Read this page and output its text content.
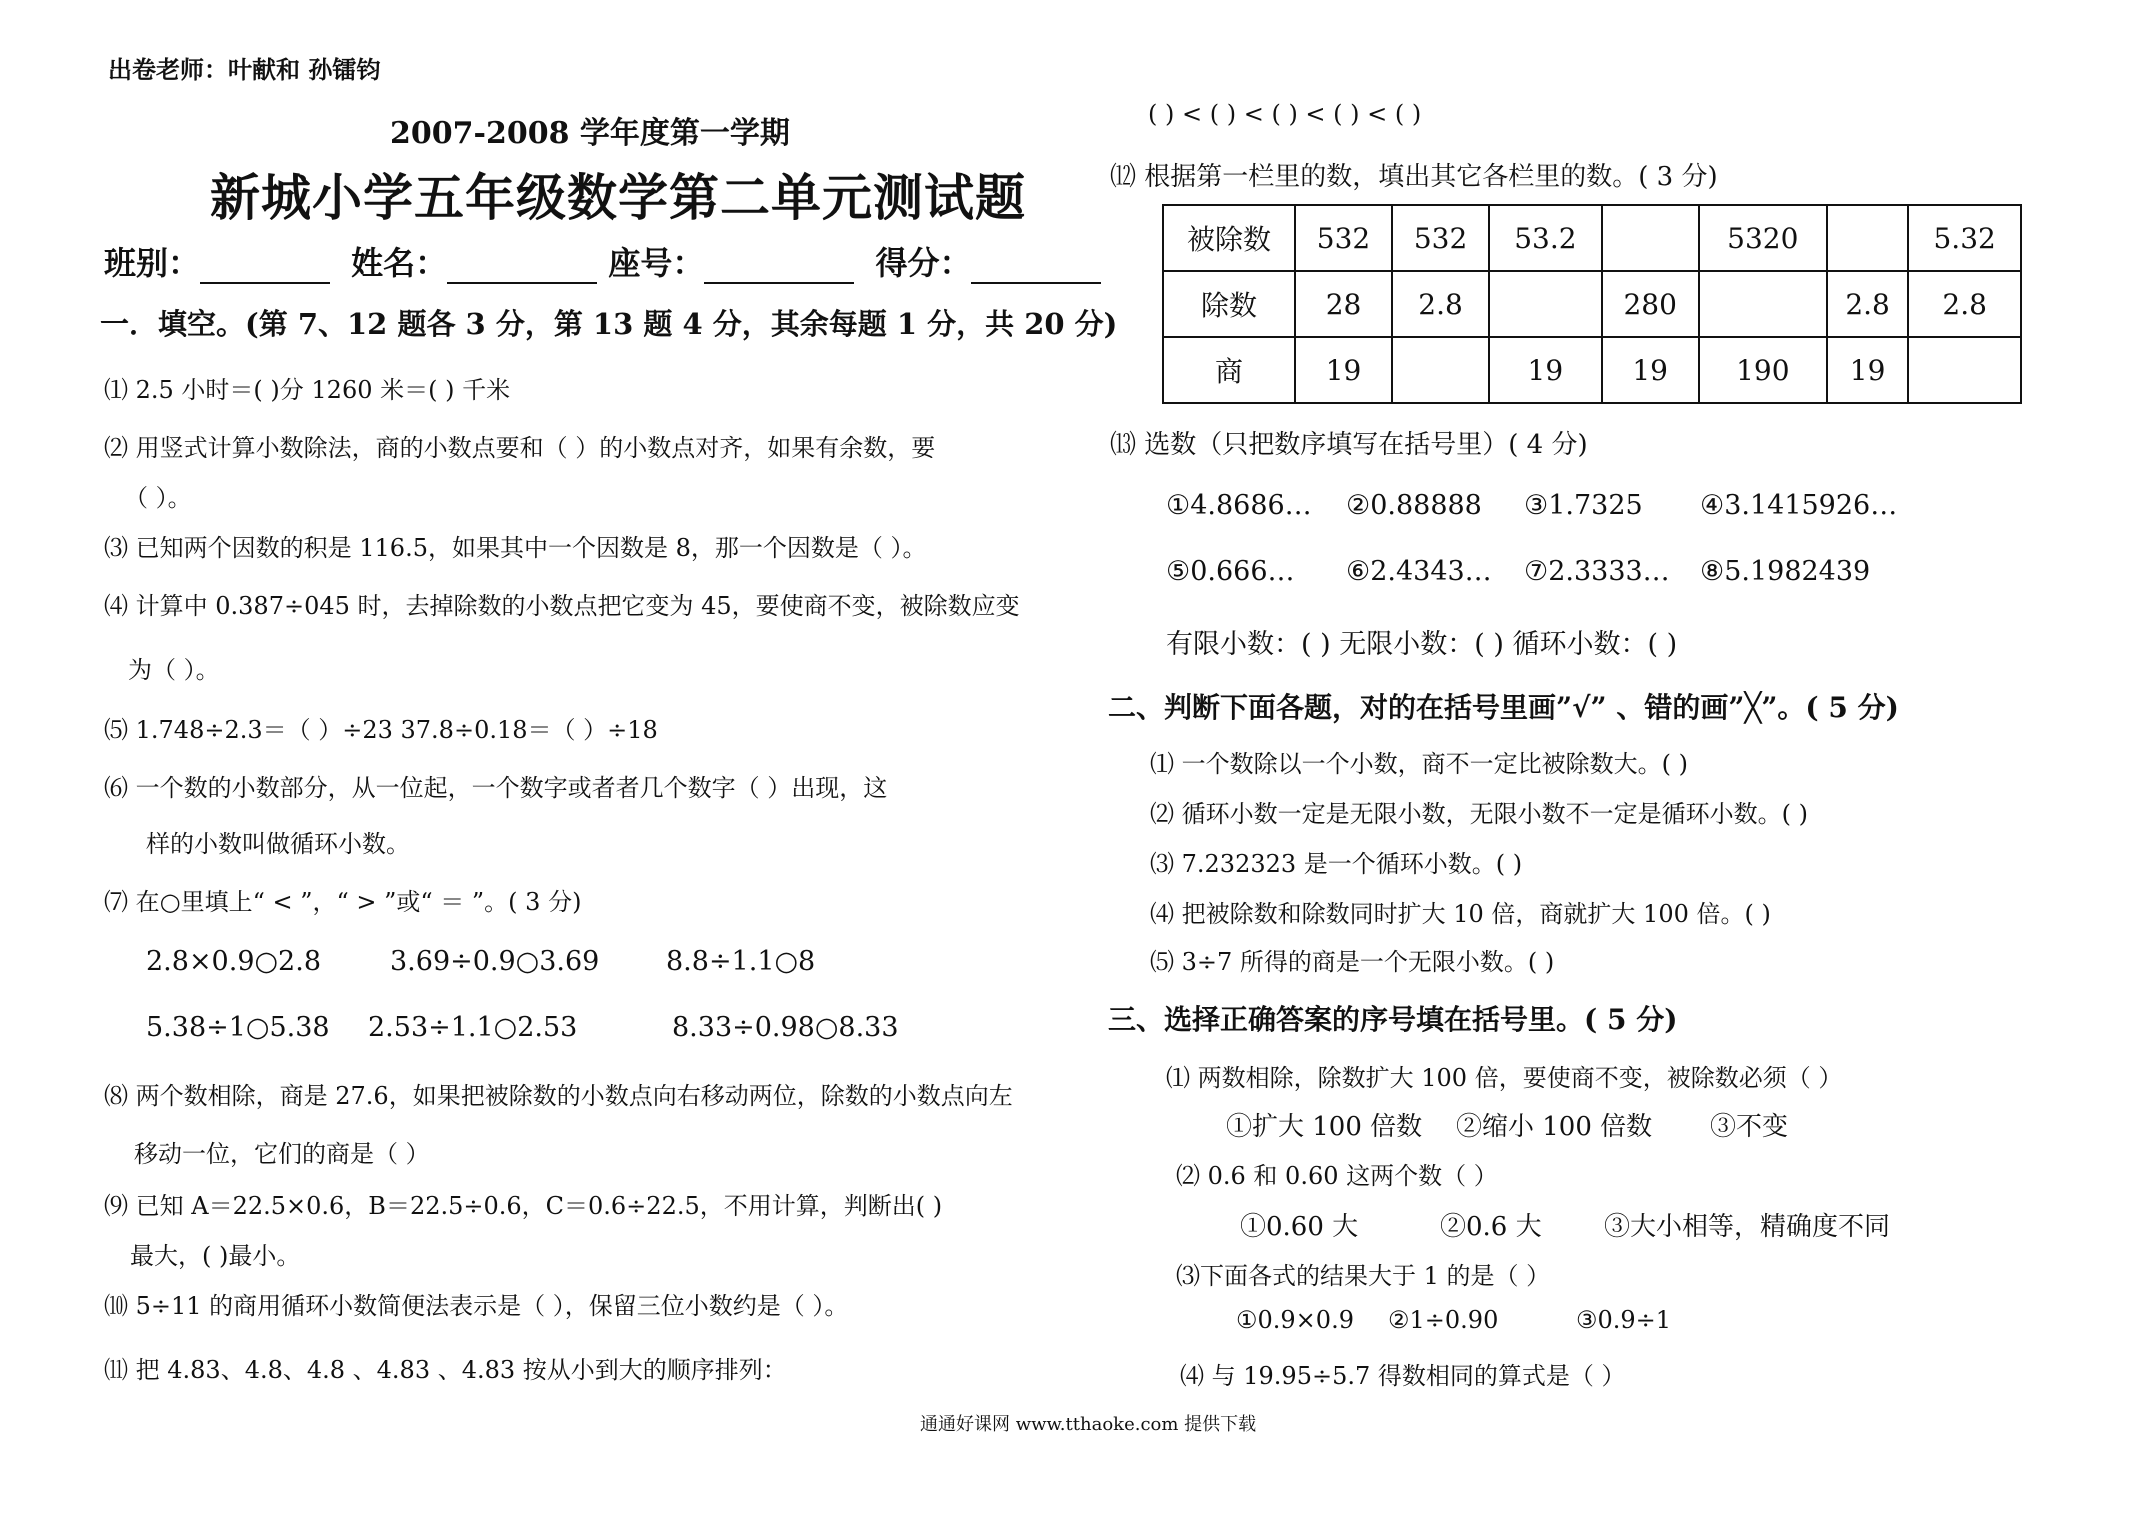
出卷老师：叶献和 孙镭钧
2007-2008 学年度第一学期
新城小学五年级数学第二单元测试题
班别：	姓名：	座号：	得分：
一．填空。(第 7、12 题各 3 分，第 13 题 4 分，其余每题 1 分，共 20 分)
⑴ 2.5 小时＝( )分 1260 米＝( ) 千米
⑵ 用竖式计算小数除法，商的小数点要和（ ）的小数点对齐，如果有余数，要
（ ）。
⑶ 已知两个因数的积是 116.5，如果其中一个因数是 8，那一个因数是（ ）。
⑷ 计算中 0.387÷045 时，去掉除数的小数点把它变为 45，要使商不变，被除数应变
为（ ）。
⑸ 1.748÷2.3＝（ ）÷23 37.8÷0.18＝（ ）÷18
⑹ 一个数的小数部分，从一位起，一个数字或者者几个数字（ ）出现，这
样的小数叫做循环小数。
⑺ 在○里填上“ < ”，“ > ”或“ ＝ ”。( 3 分)
2.8×0.9○2.8	3.69÷0.9○3.69 8.8÷1.1○8
5.38÷1○5.38 2.53÷1.1○2.53	8.33÷0.98○8.33
⑻ 两个数相除，商是 27.6，如果把被除数的小数点向右移动两位，除数的小数点向左
移动一位，它们的商是（ ）
⑼ 已知 A＝22.5×0.6，B＝22.5÷0.6，C＝0.6÷22.5，不用计算，判断出( )
最大，( )最小。
⑽ 5÷11 的商用循环小数简便法表示是（ ），保留三位小数约是（ ）。
⑾ 把 4.83、4.8、4.8 、4.83 、4.83 按从小到大的顺序排列：
( ) < ( ) < ( ) < ( ) < ( )
⑿ 根据第一栏里的数，填出其它各栏里的数。( 3 分)
被除数	532	532	53.2		5320		5.32
除数	28	2.8		280		2.8	2.8
商	19		19	19	190	19	
⒀ 选数（只把数序填写在括号里）( 4 分)
①4.8686… ②0.88888 ③1.7325 ④3.1415926…
⑤0.666… ⑥2.4343… ⑦2.3333… ⑧5.1982439
有限小数：( ) 无限小数：( ) 循环小数：( )
二、判断下面各题，对的在括号里画”√” 、错的画”╳”。( 5 分)
⑴ 一个数除以一个小数，商不一定比被除数大。( )
⑵ 循环小数一定是无限小数，无限小数不一定是循环小数。( )
⑶ 7.232323 是一个循环小数。( )
⑷ 把被除数和除数同时扩大 10 倍，商就扩大 100 倍。( )
⑸ 3÷7 所得的商是一个无限小数。( )
三、选择正确答案的序号填在括号里。( 5 分)
⑴ 两数相除，除数扩大 100 倍，要使商不变，被除数必须（ ）
①扩大 100 倍数 ②缩小 100 倍数 ③不变
⑵ 0.6 和 0.60 这两个数（ ）
①0.60 大	②0.6 大 ③大小相等，精确度不同
⑶下面各式的结果大于 1 的是（ ）
①0.9×0.9 ②1÷0.90	③0.9÷1
⑷ 与 19.95÷5.7 得数相同的算式是（ ）
通通好课网 www.tthaoke.com 提供下载
